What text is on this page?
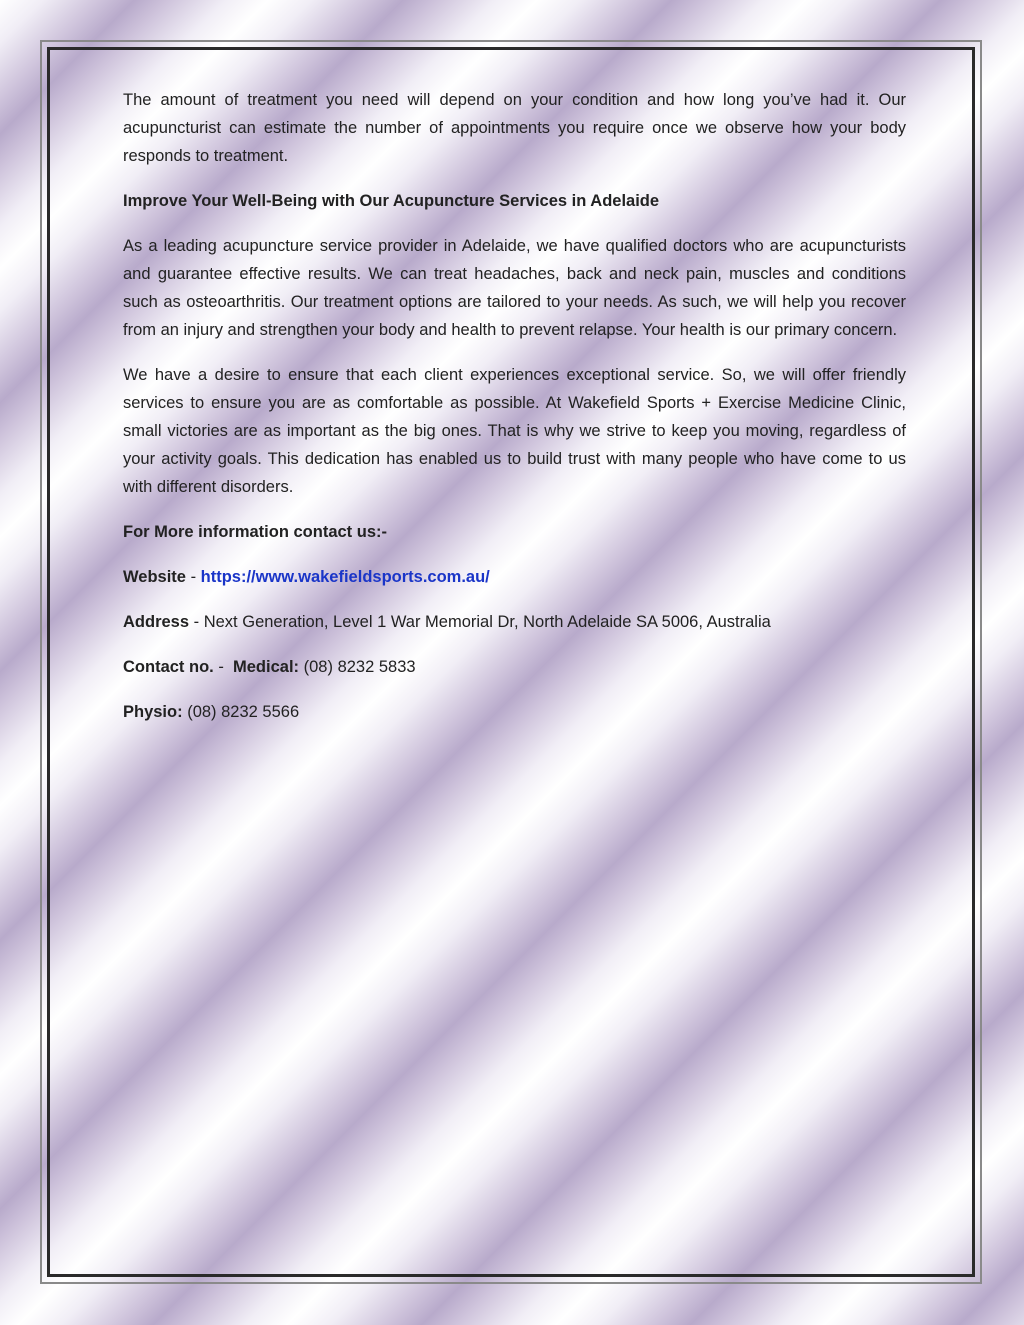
The amount of treatment you need will depend on your condition and how long you’ve had it. Our acupuncturist can estimate the number of appointments you require once we observe how your body responds to treatment.

Improve Your Well-Being with Our Acupuncture Services in Adelaide

As a leading acupuncture service provider in Adelaide, we have qualified doctors who are acupuncturists and guarantee effective results. We can treat headaches, back and neck pain, muscles and conditions such as osteoarthritis. Our treatment options are tailored to your needs. As such, we will help you recover from an injury and strengthen your body and health to prevent relapse. Your health is our primary concern.

We have a desire to ensure that each client experiences exceptional service. So, we will offer friendly services to ensure you are as comfortable as possible. At Wakefield Sports + Exercise Medicine Clinic, small victories are as important as the big ones. That is why we strive to keep you moving, regardless of your activity goals. This dedication has enabled us to build trust with many people who have come to us with different disorders.

For More information contact us:-

Website - https://www.wakefieldsports.com.au/

Address - Next Generation, Level 1 War Memorial Dr, North Adelaide SA 5006, Australia

Contact no. - Medical: (08) 8232 5833

Physio: (08) 8232 5566
